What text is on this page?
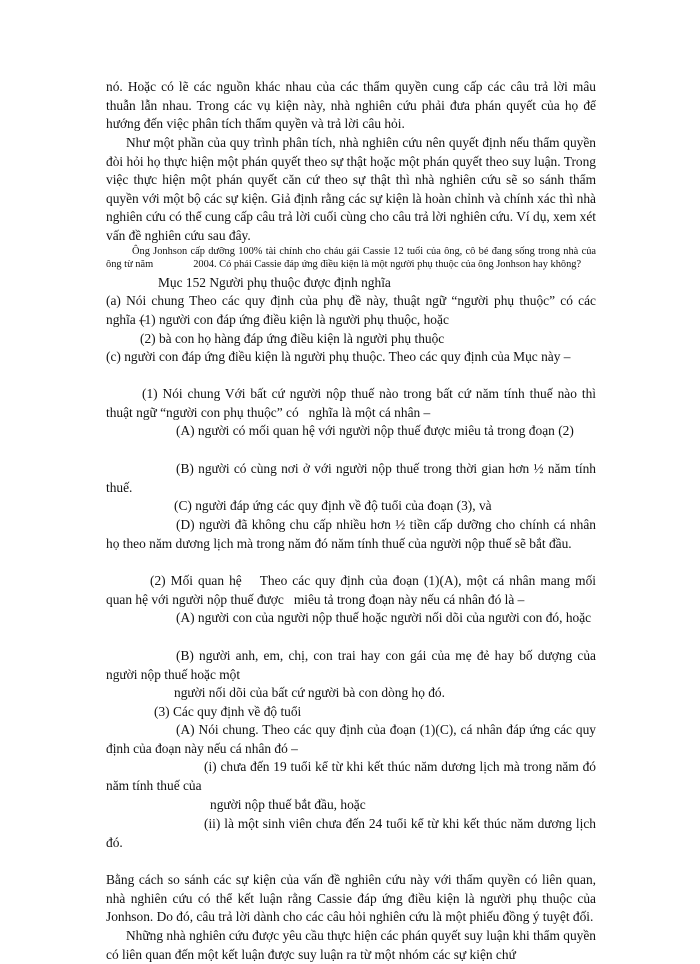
nó. Hoặc có lẽ các nguồn khác nhau của các thẩm quyền cung cấp các câu trả lời mâu thuẫn lẫn nhau. Trong các vụ kiện này, nhà nghiên cứu phải đưa phán quyết của họ để hướng đến việc phân tích thẩm quyền và trả lời câu hỏi.

Như một phần của quy trình phân tích, nhà nghiên cứu nên quyết định nếu thẩm quyền đòi hỏi họ thực hiện một phán quyết theo sự thật hoặc một phán quyết theo suy luận. Trong việc thực hiện một phán quyết căn cứ theo sự thật thì nhà nghiên cứu sẽ so sánh thẩm quyền với một bộ các sự kiện. Giả định rằng các sự kiện là hoàn chỉnh và chính xác thì nhà nghiên cứu có thể cung cấp câu trả lời cuối cùng cho câu trả lời nghiên cứu. Ví dụ, xem xét vấn đề nghiên cứu sau đây.

Ông Jonhson cấp dưỡng 100% tài chính cho cháu gái Cassie 12 tuổi của ông, cô bé đang sống trong nhà của ông từ năm	2004. Có phải Cassie đáp ứng điều kiện là một người phụ thuộc của ông Jonhson hay không?

Mục 152 Người phụ thuộc được định nghĩa

(a) Nói chung Theo các quy định của phụ đề này, thuật ngữ “người phụ thuộc” có các nghĩa –

(1) người con đáp ứng điều kiện là người phụ thuộc, hoặc

(2) bà con họ hàng đáp ứng điều kiện là người phụ thuộc

(c) người con đáp ứng điều kiện là người phụ thuộc. Theo các quy định của Mục này –

(1) Nói chung Với bất cứ người nộp thuế nào trong bất cứ năm tính thuế nào thì thuật ngữ “người con phụ thuộc” có nghĩa là một cá nhân –

(A) người có mối quan hệ với người nộp thuế được miêu tả trong đoạn (2)

(B) người có cùng nơi ở với người nộp thuế trong thời gian hơn ½ năm tính thuế.

(C) người đáp ứng các quy định về độ tuổi của đoạn (3), và

(D) người đã không chu cấp nhiều hơn ½ tiền cấp dưỡng cho chính cá nhân họ theo năm dương lịch mà trong năm đó năm tính thuế của người nộp thuế sẽ bắt đầu.

(2) Mối quan hệ Theo các quy định của đoạn (1)(A), một cá nhân mang mối quan hệ với người nộp thuế được miêu tả trong đoạn này nếu cá nhân đó là –

(A) người con của người nộp thuế hoặc người nối dõi của người con đó, hoặc

(B) người anh, em, chị, con trai hay con gái của mẹ đẻ hay bố dượng của người nộp thuế hoặc một

người nối dõi của bất cứ người bà con dòng họ đó.

(3) Các quy định về độ tuổi

(A) Nói chung. Theo các quy định của đoạn (1)(C), cá nhân đáp ứng các quy định của đoạn này nếu cá nhân đó –

(i) chưa đến 19 tuổi kể từ khi kết thúc năm dương lịch mà trong năm đó năm tính thuế của

người nộp thuế bắt đầu, hoặc

(ii) là một sinh viên chưa đến 24 tuổi kể từ khi kết thúc năm dương lịch đó.

Bằng cách so sánh các sự kiện của vấn đề nghiên cứu này với thẩm quyền có liên quan, nhà nghiên cứu có thể kết luận rằng Cassie đáp ứng điều kiện là người phụ thuộc của Jonhson. Do đó, câu trả lời dành cho các câu hỏi nghiên cứu là một phiếu đồng ý tuyệt đối.

Những nhà nghiên cứu được yêu cầu thực hiện các phán quyết suy luận khi thẩm quyền có liên quan đến một kết luận được suy luận ra từ một nhóm các sự kiện chứ
